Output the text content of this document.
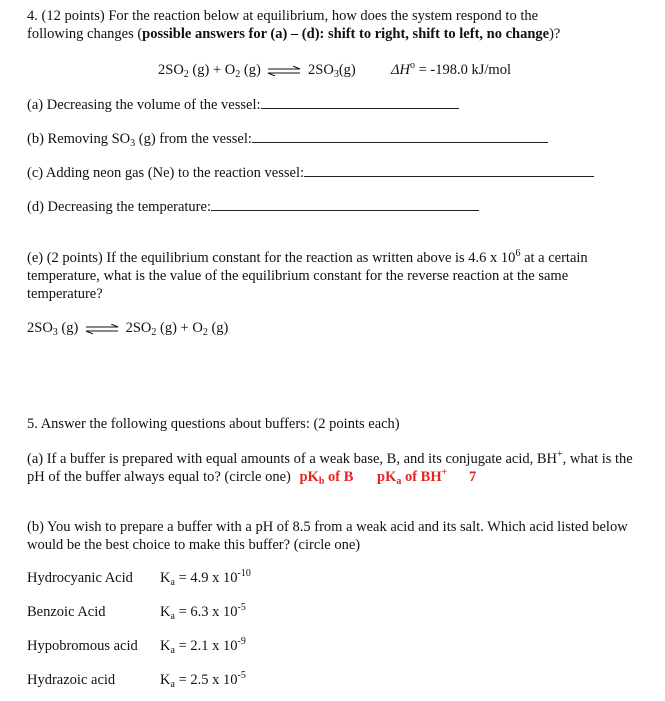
4. (12 points) For the reaction below at equilibrium, how does the system respond to the
following changes (possible answers for (a) – (d): shift to right, shift to left, no change)?
$2SO_2$ $(g) + O_2$ (g) ⇌ $2SO_3(g) \Delta H^o = -198.0$ kJ/mol
(a) Decreasing the volume of the vessel:
(b) Removing $SO_3$ (g) from the vessel:
(c) Adding neon gas (Ne) to the reaction vessel:
(d) Decreasing the temperature:
(e) (2 points) If the equilibrium constant for the reaction as written above is 4.6 x $10^6$ at a certain temperature, what is the value of the equilibrium constant for the reverse reaction at the same temperature?
$2SO_3$ (g) ⇌ $2SO_2$ $(g) + O_2$ (g)
5. Answer the following questions about buffers: (2 points each)
(a) If a buffer is prepared with equal amounts of a weak base, B, and its conjugate acid, BH+, what is the pH of the buffer always equal to? (circle one) $pK_b$ of B $pK_a$ of BH+ 7
(b) You wish to prepare a buffer with a pH of 8.5 from a weak acid and its salt. Which acid listed below would be the best choice to make this buffer? (circle one)
Hydrocyanic Acid $K_a = 4.9$ x $10^{-10}$
Benzoic Acid	$K_a = 6.3$ x $10^{-5}$
Hypobromous acid $K_a = 2.1$ x $10^{-9}$
Hydrazoic acid	$K_a = 2.5$ x $10^{-5}$
